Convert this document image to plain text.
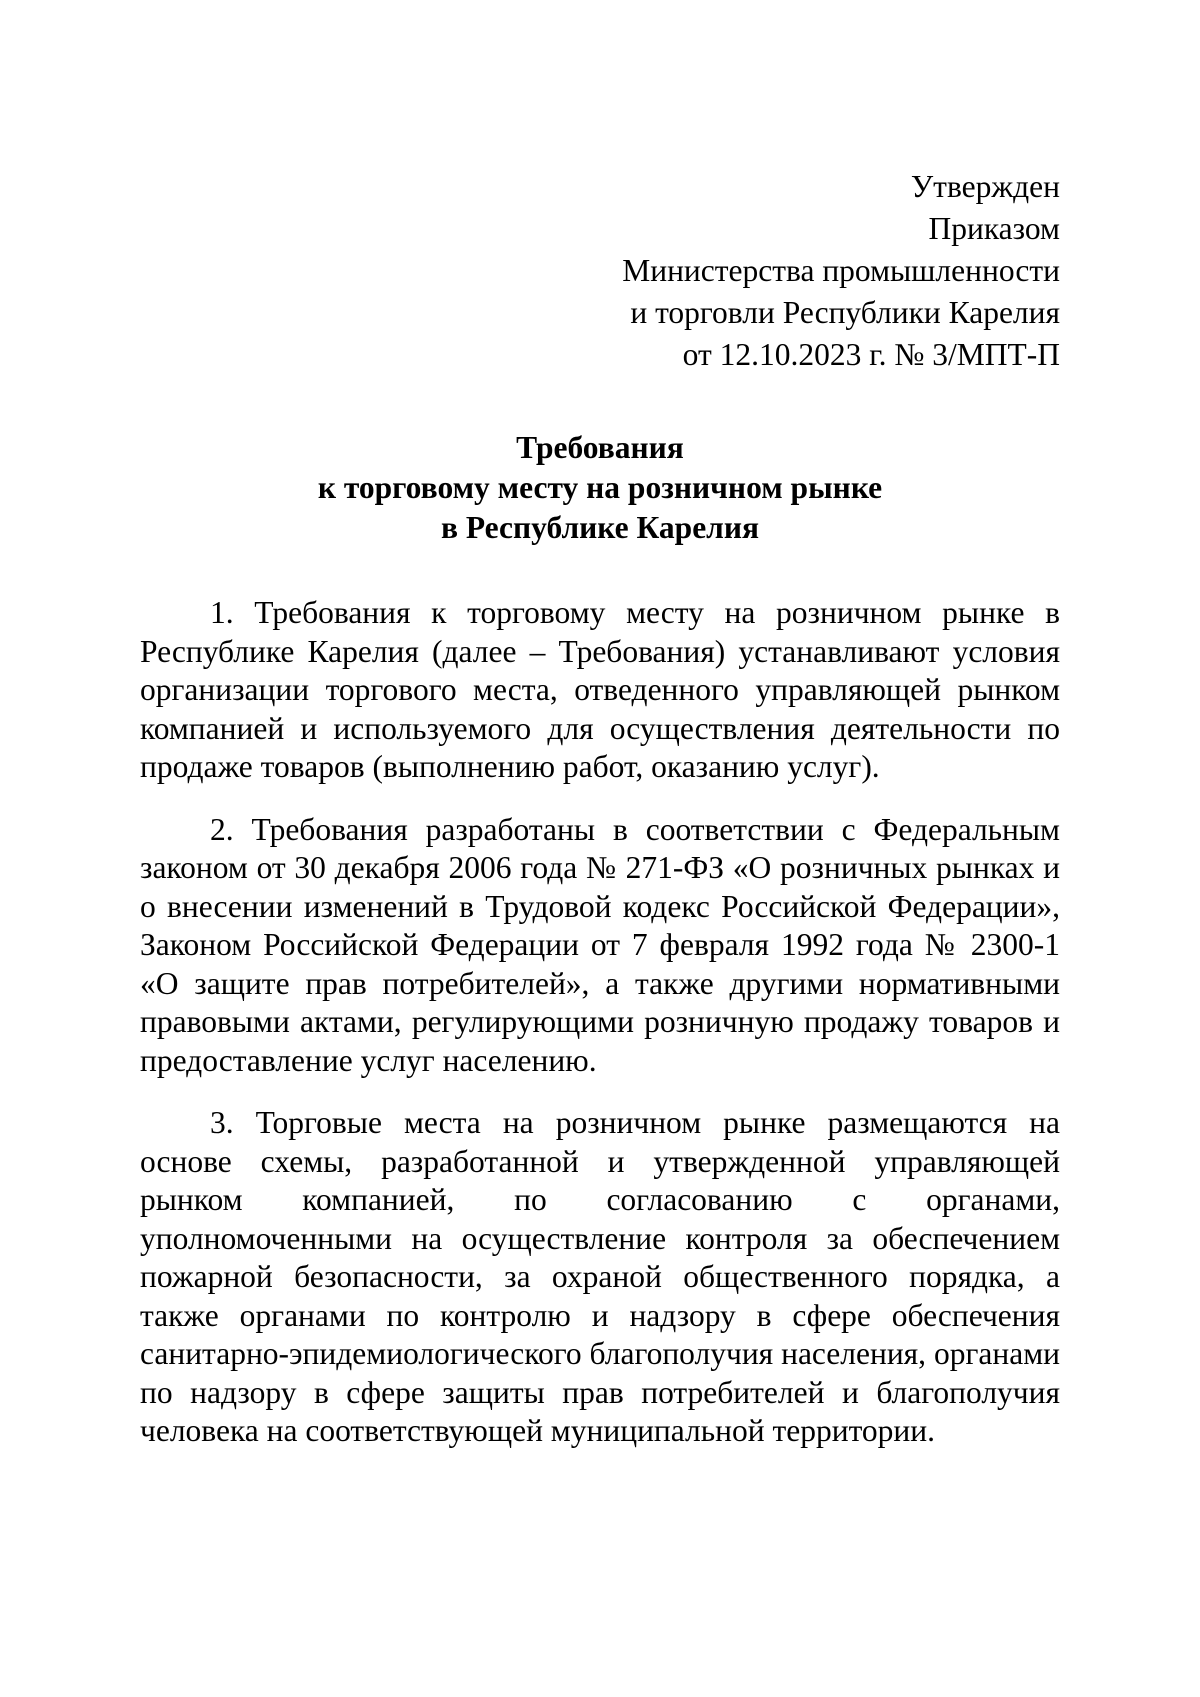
Утвержден
Приказом
Министерства промышленности
и торговли Республики Карелия
от 12.10.2023 г. № 3/МПТ-П
Требования
к торговому месту на розничном рынке
в Республике Карелия

1. Требования к торговому месту на розничном рынке в Республике Карелия (далее – Требования) устанавливают условия организации торгового места, отведенного управляющей рынком компанией и используемого для осуществления деятельности по продаже товаров (выполнению работ, оказанию услуг).

2. Требования разработаны в соответствии с Федеральным законом от 30 декабря 2006 года № 271-ФЗ «О розничных рынках и о внесении изменений в Трудовой кодекс Российской Федерации», Законом Российской Федерации от 7 февраля 1992 года № 2300-1 «О защите прав потребителей», а также другими нормативными правовыми актами, регулирующими розничную продажу товаров и предоставление услуг населению.

3. Торговые места на розничном рынке размещаются на основе схемы, разработанной и утвержденной управляющей рынком компанией, по согласованию с органами, уполномоченными на осуществление контроля за обеспечением пожарной безопасности, за охраной общественного порядка, а также органами по контролю и надзору в сфере обеспечения санитарно-эпидемиологического благополучия населения, органами по надзору в сфере защиты прав потребителей и благополучия человека на соответствующей муниципальной территории.
